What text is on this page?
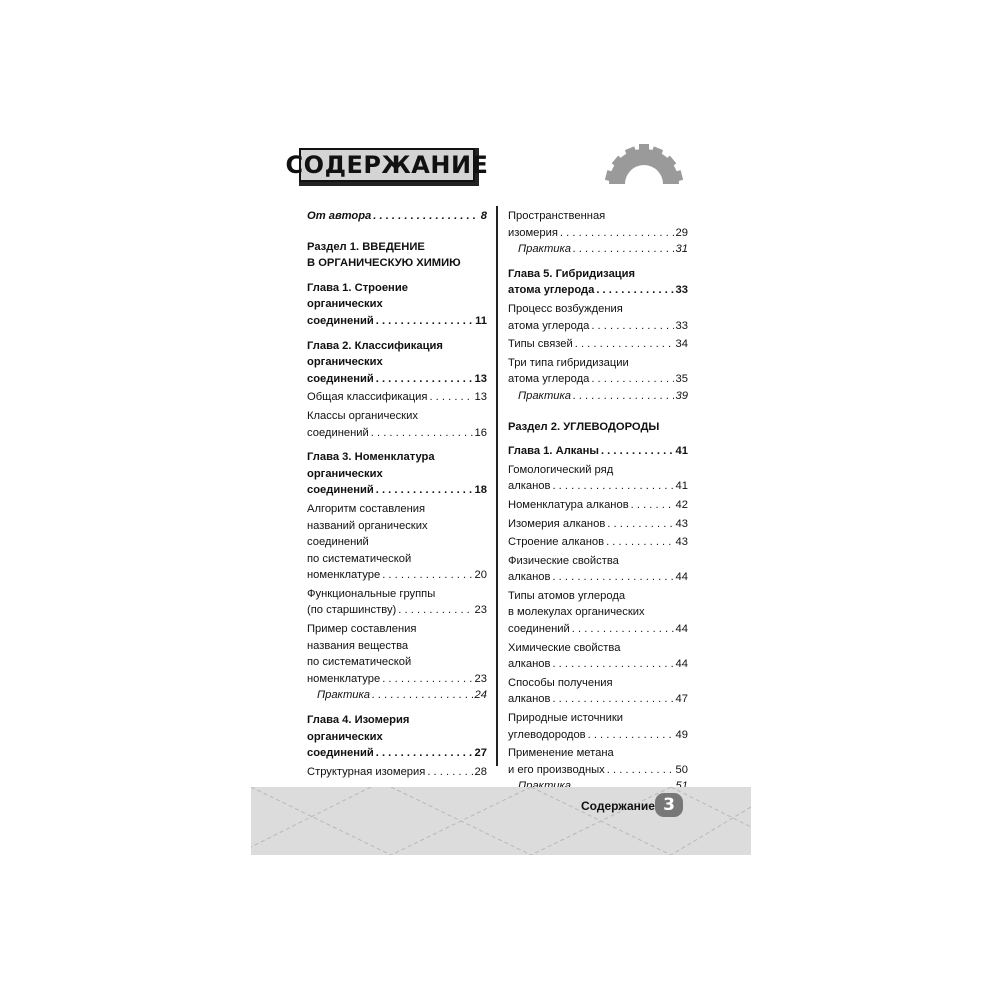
СОДЕРЖАНИЕ
От автора . . .	8
Раздел 1. ВВЕДЕНИЕ
В ОРГАНИЧЕСКУЮ ХИМИЮ
Глава 1. Строение
органических
соединений . . .	11
Глава 2. Классификация
органических
соединений . . .	13
Общая классификация . . .	13
Классы органических
соединений . . .	16
Глава 3. Номенклатура
органических
соединений . . .	18
Алгоритм составления
названий органических
соединений
по систематической
номенклатуре . . .	20
Функциональные группы
(по старшинству) . . .	23
Пример составления
названия вещества
по систематической
номенклатуре . . .	23
Практика . . .	24
Глава 4. Изомерия
органических
соединений . . .	27
Структурная изомерия . . .	28
Пространственная
изомерия . . .	29
Практика . . .	31
Глава 5. Гибридизация
атома углерода . . .	33
Процесс возбуждения
атома углерода . . .	33
Типы связей . . .	34
Три типа гибридизации
атома углерода . . .	35
Практика . . .	39
Раздел 2. УГЛЕВОДОРОДЫ
Глава 1. Алканы . . .	41
Гомологический ряд
алканов . . .	41
Номенклатура алканов . . .	42
Изомерия алканов . . .	43
Строение алканов . . .	43
Физические свойства
алканов . . .	44
Типы атомов углерода
в молекулах органических
соединений . . .	44
Химические свойства
алканов . . .	44
Способы получения
алканов . . .	47
Природные источники
углеводородов . . .	49
Применение метана
и его производных . . .	50
. . .
Содержание 3
